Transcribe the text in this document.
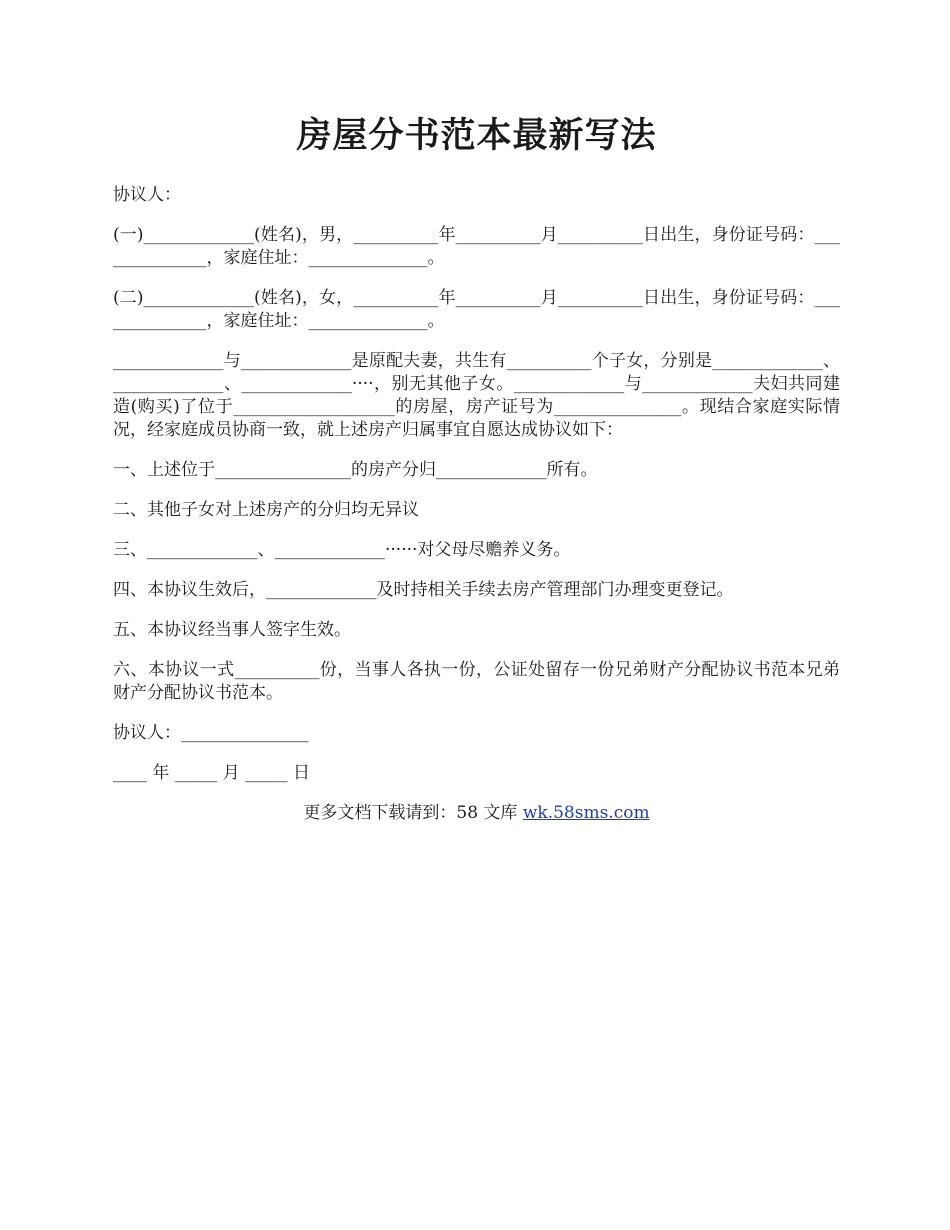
房屋分书范本最新写法
协议人：
(一)_____________(姓名)，男，__________年__________月__________日出生，身份证号码：______________，家庭住址：______________。
(二)_____________(姓名)，女，__________年__________月__________日出生，身份证号码：______________，家庭住址：______________。
_____________与_____________是原配夫妻，共生有__________个子女，分别是_____________、_____________、_____________····，别无其他子女。_____________与_____________夫妇共同建造(购买)了位于___________________的房屋，房产证号为_______________。现结合家庭实际情况，经家庭成员协商一致，就上述房产归属事宜自愿达成协议如下：
一、上述位于________________的房产分归_____________所有。
二、其他子女对上述房产的分归均无异议
三、_____________、_____________······对父母尽赡养义务。
四、本协议生效后，_____________及时持相关手续去房产管理部门办理变更登记。
五、本协议经当事人签字生效。
六、本协议一式__________份，当事人各执一份，公证处留存一份兄弟财产分配协议书范本兄弟财产分配协议书范本。
协议人：_______________
____ 年 _____ 月 _____ 日
更多文档下载请到：58 文库 wk.58sms.com
